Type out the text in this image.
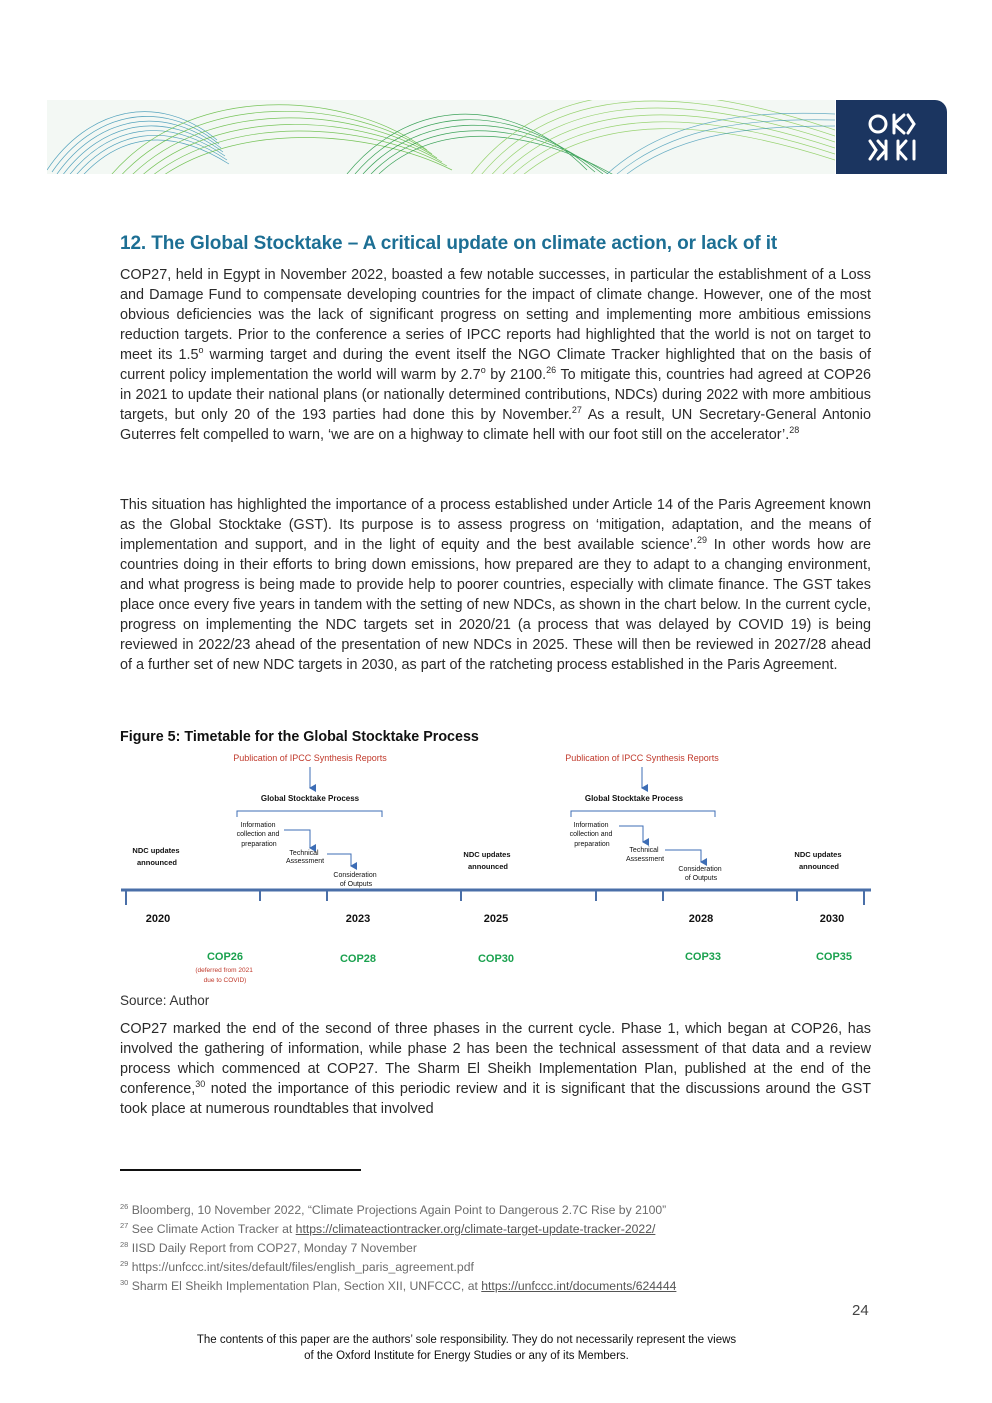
12. The Global Stocktake – A critical update on climate action, or lack of it

COP27, held in Egypt in November 2022, boasted a few notable successes, in particular the establishment of a Loss and Damage Fund to compensate developing countries for the impact of climate change. However, one of the most obvious deficiencies was the lack of significant progress on setting and implementing more ambitious emissions reduction targets. Prior to the conference a series of IPCC reports had highlighted that the world is not on target to meet its 1.5$^o$ warming target and during the event itself the NGO Climate Tracker highlighted that on the basis of current policy implementation the world will warm by 2.7$^o$ by 2100.26 To mitigate this, countries had agreed at COP26 in 2021 to update their national plans (or nationally determined contributions, NDCs) during 2022 with more ambitious targets, but only 20 of the 193 parties had done this by November.$^{27}$ As a result, UN Secretary-General Antonio Guterres felt compelled to warn, ‘we are on a highway to climate hell with our foot still on the accelerator’.$^{28}$

This situation has highlighted the importance of a process established under Article 14 of the Paris Agreement known as the Global Stocktake (GST). Its purpose is to assess progress on ‘mitigation, adaptation, and the means of implementation and support, and in the light of equity and the best available science’.$^{29}$ In other words how are countries doing in their efforts to bring down emissions, how prepared are they to adapt to a changing environment, and what progress is being made to provide help to poorer countries, especially with climate finance. The GST takes place once every five years in tandem with the setting of new NDCs, as shown in the chart below. In the current cycle, progress on implementing the NDC targets set in 2020/21 (a process that was delayed by COVID 19) is being reviewed in 2022/23 ahead of the presentation of new NDCs in 2025. These will then be reviewed in 2027/28 ahead of a further set of new NDC targets in 2030, as part of the ratcheting process established in the Paris Agreement.

Figure 5: Timetable for the Global Stocktake Process

Publication of IPCC Synthesis Reports	Publication of IPCC Synthesis Reports
Global Stocktake Process	Global Stocktake Process
Information collection and preparation
Technical Assessment
Consideration of Outputs
Information collection and preparation
Technical Assessment
Consideration of Outputs
NDC updates announced
NDC updates announced
NDC updates announced
2020	2023	2025	2028	2030
COP26
(deferred from 2021 due to COVID)
COP28	COP30	COP33	COP35

Source: Author

COP27 marked the end of the second of three phases in the current cycle. Phase 1, which began at COP26, has involved the gathering of information, while phase 2 has been the technical assessment of that data and a review process which commenced at COP27. The Sharm El Sheikh Implementation Plan, published at the end of the conference,$^{30}$ noted the importance of this periodic review and it is significant that the discussions around the GST took place at numerous roundtables that involved

$^{26}$ Bloomberg, 10 November 2022, “Climate Projections Again Point to Dangerous 2.7C Rise by 2100”
$^{27}$ See Climate Action Tracker at https://climateactiontracker.org/climate-target-update-tracker-2022/
$^{28}$ IISD Daily Report from COP27, Monday 7 November
$^{29}$ https://unfccc.int/sites/default/files/english_paris_agreement.pdf
$^{30}$ Sharm El Sheikh Implementation Plan, Section XII, UNFCCC, at https://unfccc.int/documents/624444
24
The contents of this paper are the authors’ sole responsibility. They do not necessarily represent the views
of the Oxford Institute for Energy Studies or any of its Members.
